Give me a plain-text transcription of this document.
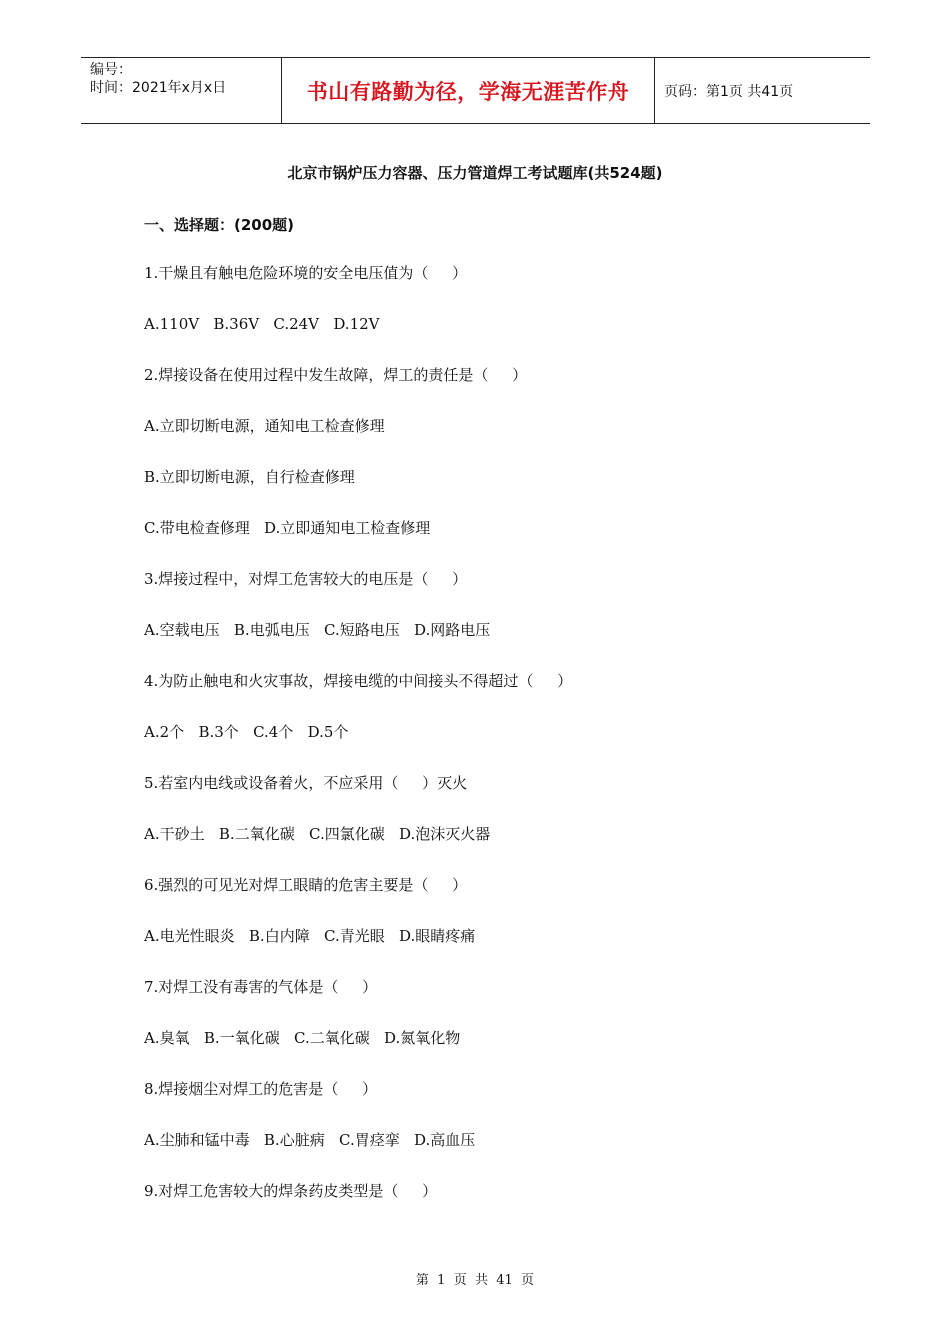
编号：
时间：2021年x月x日	书山有路勤为径，学海无涯苦作舟 页码：第1页 共41页
北京市锅炉压力容器、压力管道焊工考试题库(共524题)
一、选择题：(200题)
1.干燥且有触电危险环境的安全电压值为（     ）
A.110V   B.36V   C.24V   D.12V
2.焊接设备在使用过程中发生故障，焊工的责任是（     ）
A.立即切断电源，通知电工检查修理
B.立即切断电源，自行检查修理
C.带电检查修理   D.立即通知电工检查修理
3.焊接过程中，对焊工危害较大的电压是（     ）
A.空载电压   B.电弧电压   C.短路电压   D.网路电压
4.为防止触电和火灾事故，焊接电缆的中间接头不得超过（     ）
A.2个   B.3个   C.4个   D.5个
5.若室内电线或设备着火，不应采用（     ）灭火
A.干砂土   B.二氧化碳   C.四氯化碳   D.泡沫灭火器
6.强烈的可见光对焊工眼睛的危害主要是（     ）
A.电光性眼炎   B.白内障   C.青光眼   D.眼睛疼痛
7.对焊工没有毒害的气体是（     ）
A.臭氧   B.一氧化碳   C.二氧化碳   D.氮氧化物
8.焊接烟尘对焊工的危害是（     ）
A.尘肺和锰中毒   B.心脏病   C.胃痉挛   D.高血压
9.对焊工危害较大的焊条药皮类型是（     ）
第  1  页  共  41  页
